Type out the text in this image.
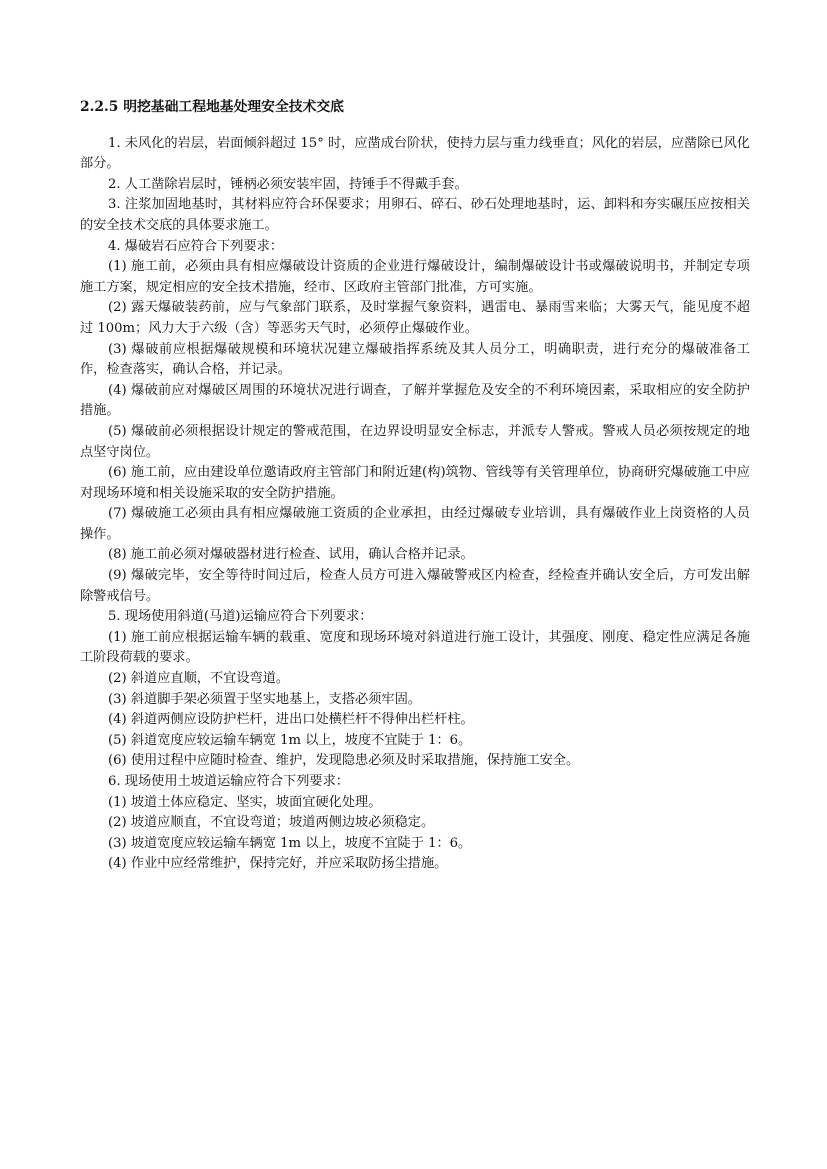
2.2.5 明挖基础工程地基处理安全技术交底

1. 未风化的岩层，岩面倾斜超过 15° 时，应凿成台阶状，使持力层与重力线垂直；风化的岩层，应凿除已风化部分。

2. 人工凿除岩层时，锤柄必须安装牢固，持锤手不得戴手套。

3. 注浆加固地基时，其材料应符合环保要求；用卵石、碎石、砂石处理地基时，运、卸料和夯实碾压应按相关的安全技术交底的具体要求施工。

4. 爆破岩石应符合下列要求：

(1) 施工前，必须由具有相应爆破设计资质的企业进行爆破设计，编制爆破设计书或爆破说明书，并制定专项施工方案，规定相应的安全技术措施，经市、区政府主管部门批准，方可实施。

(2) 露天爆破装药前，应与气象部门联系，及时掌握气象资料，遇雷电、暴雨雪来临；大雾天气，能见度不超过 100m；风力大于六级（含）等恶劣天气时，必须停止爆破作业。

(3) 爆破前应根据爆破规模和环境状况建立爆破指挥系统及其人员分工，明确职责，进行充分的爆破准备工作，检查落实，确认合格，并记录。

(4) 爆破前应对爆破区周围的环境状况进行调查，了解并掌握危及安全的不利环境因素，采取相应的安全防护措施。

(5) 爆破前必须根据设计规定的警戒范围，在边界设明显安全标志，并派专人警戒。警戒人员必须按规定的地点坚守岗位。

(6) 施工前，应由建设单位邀请政府主管部门和附近建(构)筑物、管线等有关管理单位，协商研究爆破施工中应对现场环境和相关设施采取的安全防护措施。

(7) 爆破施工必须由具有相应爆破施工资质的企业承担，由经过爆破专业培训，具有爆破作业上岗资格的人员操作。

(8) 施工前必须对爆破器材进行检查、试用，确认合格并记录。

(9) 爆破完毕，安全等待时间过后，检查人员方可进入爆破警戒区内检查，经检查并确认安全后，方可发出解除警戒信号。

5. 现场使用斜道(马道)运输应符合下列要求：

(1) 施工前应根据运输车辆的载重、宽度和现场环境对斜道进行施工设计，其强度、刚度、稳定性应满足各施工阶段荷载的要求。

(2) 斜道应直顺，不宜设弯道。

(3) 斜道脚手架必须置于坚实地基上，支搭必须牢固。

(4) 斜道两侧应设防护栏杆，进出口处横栏杆不得伸出栏杆柱。

(5) 斜道宽度应较运输车辆宽 1m 以上，坡度不宜陡于 1：6。

(6) 使用过程中应随时检查、维护，发现隐患必须及时采取措施，保持施工安全。

6. 现场使用土坡道运输应符合下列要求：

(1) 坡道土体应稳定、坚实，坡面宜硬化处理。

(2) 坡道应顺直，不宜设弯道；坡道两侧边坡必须稳定。

(3) 坡道宽度应较运输车辆宽 1m 以上，坡度不宜陡于 1：6。

(4) 作业中应经常维护，保持完好，并应采取防扬尘措施。
